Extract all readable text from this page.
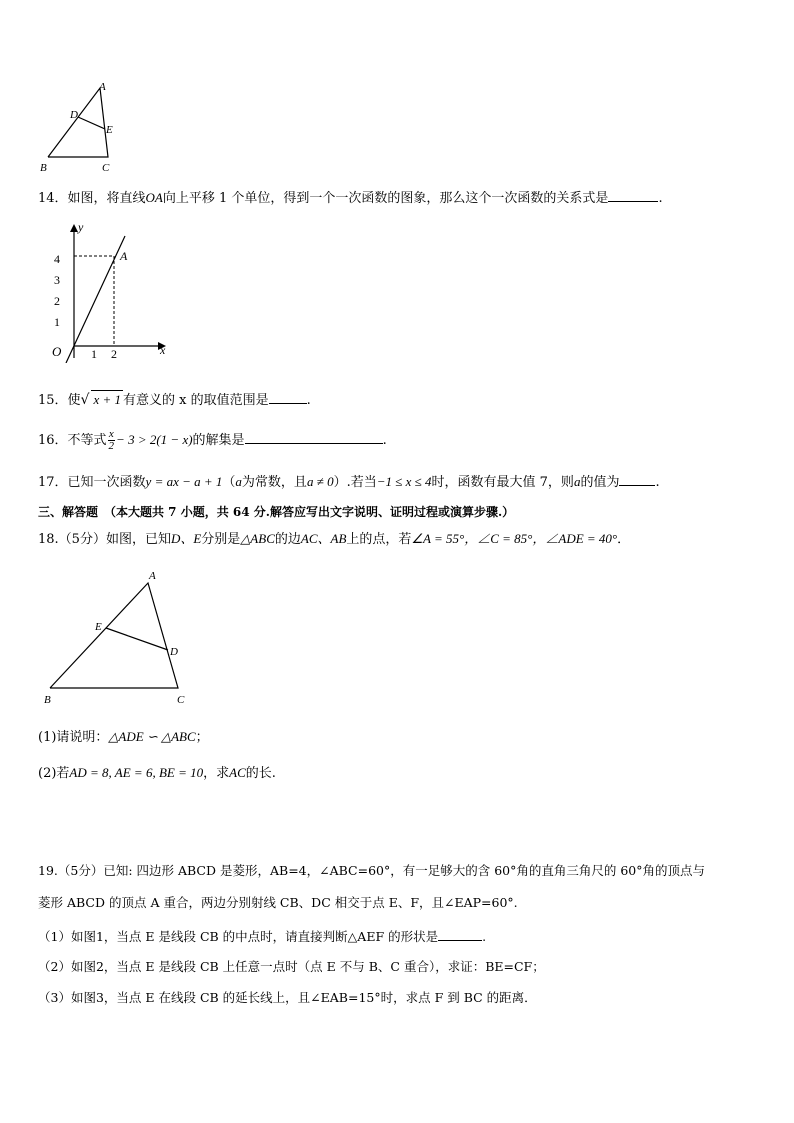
A
D
E
B	C
14．如图，将直线OA向上平移 1 个单位，得到一个一次函数的图象，那么这个一次函数的关系式是	.
y
x
O
A
1
2
3
4
1 2
15．使√ x + 1 有意义的 x 的取值范围是	.
16．不等式 $\frac{x}{2} - 3 > 2(1 - x)$的解集是	.
17．已知一次函数y = ax − a + 1（a为常数，且a ≠ 0）.若当−1 ≤ x ≤ 4时，函数有最大值 7，则a的值为	.
三、解答题　（本大题共 7 小题，共 64 分.解答应写出文字说明、证明过程或演算步骤.）
18.（5分）如图，已知D、E分别是△ABC的边AC、AB上的点，若∠A = 55°，∠C = 85°，∠ADE = 40°．
A
E
D
B	C
(1)请说明：△ADE ∽ △ABC；
(2)若AD = 8, AE = 6, BE = 10，求AC的长.
19.（5分）已知: 四边形 ABCD 是菱形，AB=4，∠ABC=60°，有一足够大的含 60°角的直角三角尺的 60°角的顶点与
菱形 ABCD 的顶点 A 重合，两边分别射线 CB、DC 相交于点 E、F，且∠EAP=60°.
（1）如图1，当点 E 是线段 CB 的中点时，请直接判断△AEF 的形状是	.
（2）如图2，当点 E 是线段 CB 上任意一点时（点 E 不与 B、C 重合），求证：BE=CF；
（3）如图3，当点 E 在线段 CB 的延长线上，且∠EAB=15°时，求点 F 到 BC 的距离．
